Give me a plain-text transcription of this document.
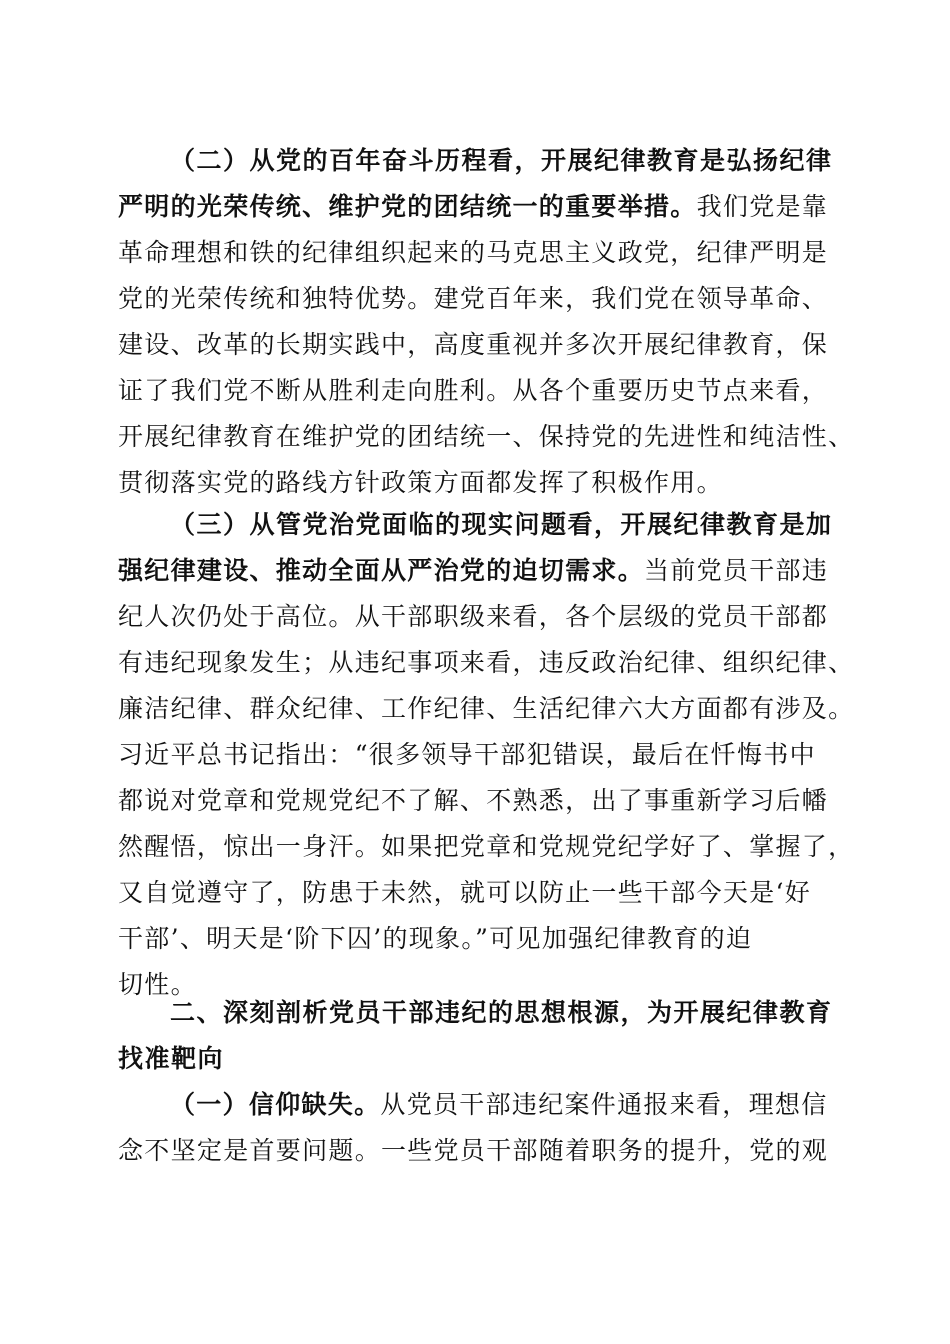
（二）从党的百年奋斗历程看，开展纪律教育是弘扬纪律
严明的光荣传统、维护党的团结统一的重要举措。我们党是靠
革命理想和铁的纪律组织起来的马克思主义政党，纪律严明是
党的光荣传统和独特优势。建党百年来，我们党在领导革命、
建设、改革的长期实践中，高度重视并多次开展纪律教育，保
证了我们党不断从胜利走向胜利。从各个重要历史节点来看，
开展纪律教育在维护党的团结统一、保持党的先进性和纯洁性、
贯彻落实党的路线方针政策方面都发挥了积极作用。
（三）从管党治党面临的现实问题看，开展纪律教育是加
强纪律建设、推动全面从严治党的迫切需求。当前党员干部违
纪人次仍处于高位。从干部职级来看，各个层级的党员干部都
有违纪现象发生；从违纪事项来看，违反政治纪律、组织纪律、
廉洁纪律、群众纪律、工作纪律、生活纪律六大方面都有涉及。
习近平总书记指出：“很多领导干部犯错误，最后在忏悔书中
都说对党章和党规党纪不了解、不熟悉，出了事重新学习后幡
然醒悟，惊出一身汗。如果把党章和党规党纪学好了、掌握了，
又自觉遵守了，防患于未然，就可以防止一些干部今天是‘好
干部’、明天是‘阶下囚’的现象。”可见加强纪律教育的迫
切性。
二、深刻剖析党员干部违纪的思想根源，为开展纪律教育
找准靶向
（一）信仰缺失。从党员干部违纪案件通报来看，理想信
念不坚定是首要问题。一些党员干部随着职务的提升，党的观
